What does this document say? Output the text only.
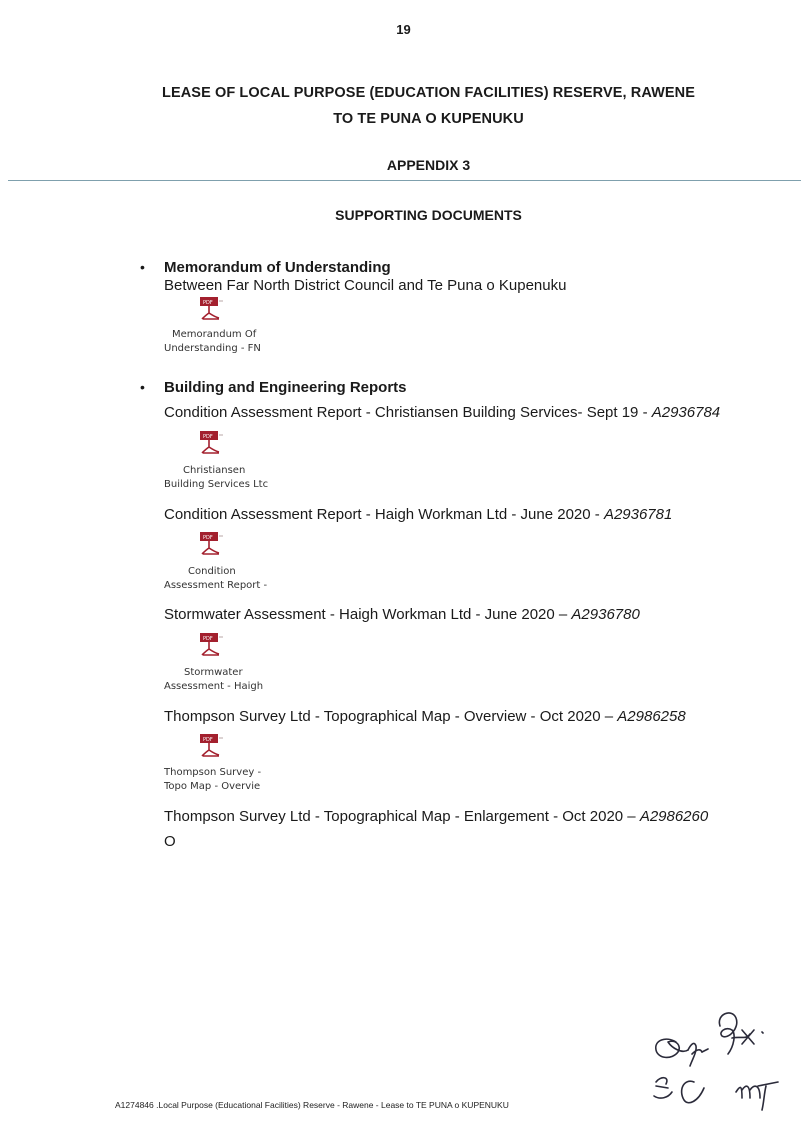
19
LEASE OF LOCAL PURPOSE (EDUCATION FACILITIES) RESERVE, RAWENE
TO TE PUNA O KUPENUKU
APPENDIX 3
SUPPORTING DOCUMENTS
• Memorandum of Understanding
Between Far North District Council and Te Puna o Kupenuku
PDF
Memorandum Of
Understanding - FN
• Building and Engineering Reports
Condition Assessment Report - Christiansen Building Services- Sept 19 - A2936784
PDF
Christiansen
Building Services Ltc
Condition Assessment Report - Haigh Workman Ltd - June 2020 - A2936781
PDF
Condition
Assessment Report -
Stormwater Assessment - Haigh Workman Ltd - June 2020 – A2936780
PDF
Stormwater
Assessment - Haigh
Thompson Survey Ltd - Topographical Map - Overview - Oct 2020 – A2986258
PDF
Thompson Survey -
Topo Map - Overvie
Thompson Survey Ltd - Topographical Map - Enlargement - Oct 2020 – A2986260
O
A1274846 .Local Purpose (Educational Facilities) Reserve - Rawene - Lease to TE PUNA o KUPENUKU
